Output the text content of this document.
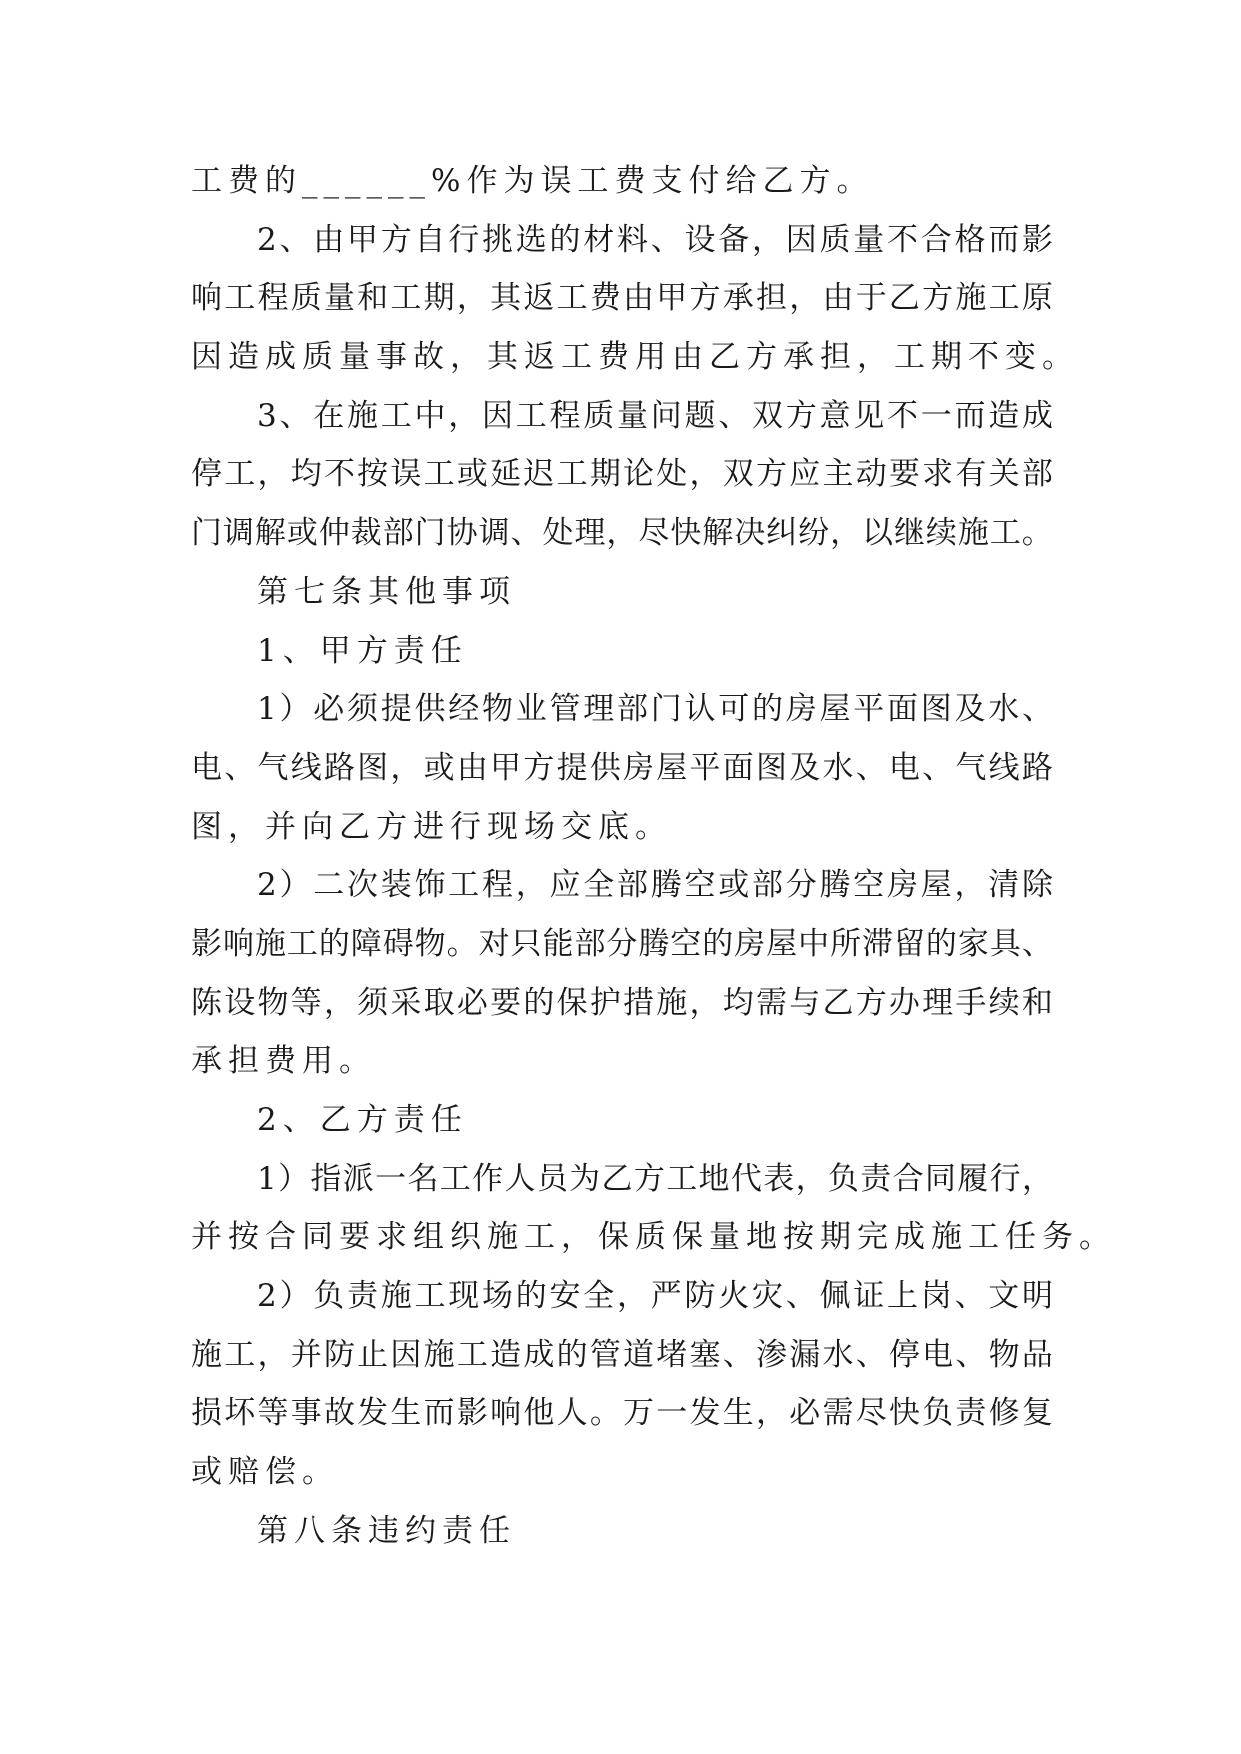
工费的______%作为误工费支付给乙方。
2 、 由 甲 方 自 行 挑 选 的 材 料 、 设 备 ， 因 质 量 不 合 格 而 影
响 工 程 质 量 和 工 期 ， 其 返 工 费 由 甲 方 承 担 ， 由 于 乙 方 施 工 原
因造成质量事故，其返工费用由乙方承担，工期不变。
3 、 在 施 工 中 ， 因 工 程 质 量 问 题 、 双 方 意 见 不 一 而 造 成
停 工 ， 均 不 按 误 工 或 延 迟 工 期 论 处 ， 双 方 应 主 动 要 求 有 关 部
门 调 解 或 仲 裁 部 门 协 调 、 处 理 ， 尽 快 解 决 纠 纷 ， 以 继 续 施 工 。
第七条其他事项
1、甲方责任
1 ） 必 须 提 供 经 物 业 管 理 部 门 认 可 的 房 屋 平 面 图 及 水 、
电 、 气 线 路 图 ， 或 由 甲 方 提 供 房 屋 平 面 图 及 水 、 电 、 气 线 路
图，并向乙方进行现场交底。
2 ） 二 次 装 饰 工 程 ， 应 全 部 腾 空 或 部 分 腾 空 房 屋 ， 清 除
影 响 施 工 的 障 碍 物 。 对 只 能 部 分 腾 空 的 房 屋 中 所 滞 留 的 家 具 、
陈 设 物 等 ， 须 采 取 必 要 的 保 护 措 施 ， 均 需 与 乙 方 办 理 手 续 和
承担费用。
2、乙方责任
1 ） 指 派 一 名 工 作 人 员 为 乙 方 工 地 代 表 ， 负 责 合 同 履 行 ，
并按合同要求组织施工，保质保量地按期完成施工任务。
2 ） 负 责 施 工 现 场 的 安 全 ， 严 防 火 灾 、 佩 证 上 岗 、 文 明
施 工 ， 并 防 止 因 施 工 造 成 的 管 道 堵 塞 、 渗 漏 水 、 停 电 、 物 品
损 坏 等 事 故 发 生 而 影 响 他 人 。 万 一 发 生 ， 必 需 尽 快 负 责 修 复
或赔偿。
第八条违约责任
